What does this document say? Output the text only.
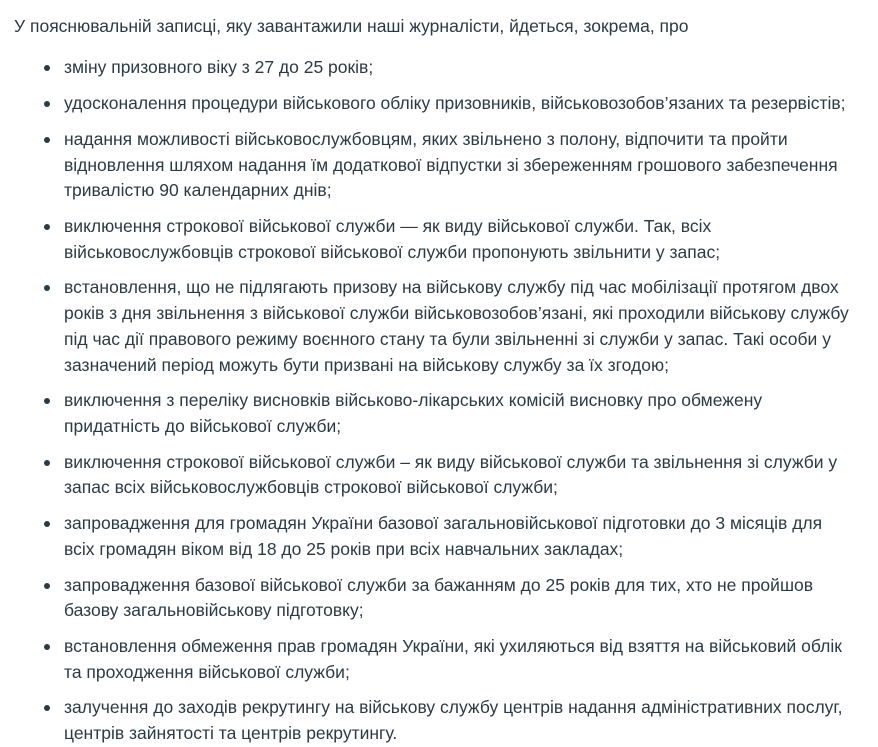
У пояснювальній записці, яку завантажили наші журналісти, йдеться, зокрема, про

зміну призовного віку з 27 до 25 років;
удосконалення процедури військового обліку призовників, військовозобов’язаних та резервістів;
надання можливості військовослужбовцям, яких звільнено з полону, відпочити та пройти відновлення шляхом надання їм додаткової відпустки зі збереженням грошового забезпечення тривалістю 90 календарних днів;
виключення строкової військової служби — як виду військової служби. Так, всіх військовослужбовців строкової військової служби пропонують звільнити у запас;
встановлення, що не підлягають призову на військову службу під час мобілізації протягом двох років з дня звільнення з військової служби військовозобов’язані, які проходили військову службу під час дії правового режиму воєнного стану та були звільненні зі служби у запас. Такі особи у зазначений період можуть бути призвані на військову службу за їх згодою;
виключення з переліку висновків військово-лікарських комісій висновку про обмежену придатність до військової служби;
виключення строкової військової служби – як виду військової служби та звільнення зі служби у запас всіх військовослужбовців строкової військової служби;
запровадження для громадян України базової загальновійськової підготовки до 3 місяців для всіх громадян віком від 18 до 25 років при всіх навчальних закладах;
запровадження базової військової служби за бажанням до 25 років для тих, хто не пройшов базову загальновійськову підготовку;
встановлення обмеження прав громадян України, які ухиляються від взяття на військовий облік та проходження військової служби;
залучення до заходів рекрутингу на військову службу центрів надання адміністративних послуг, центрів зайнятості та центрів рекрутингу.
